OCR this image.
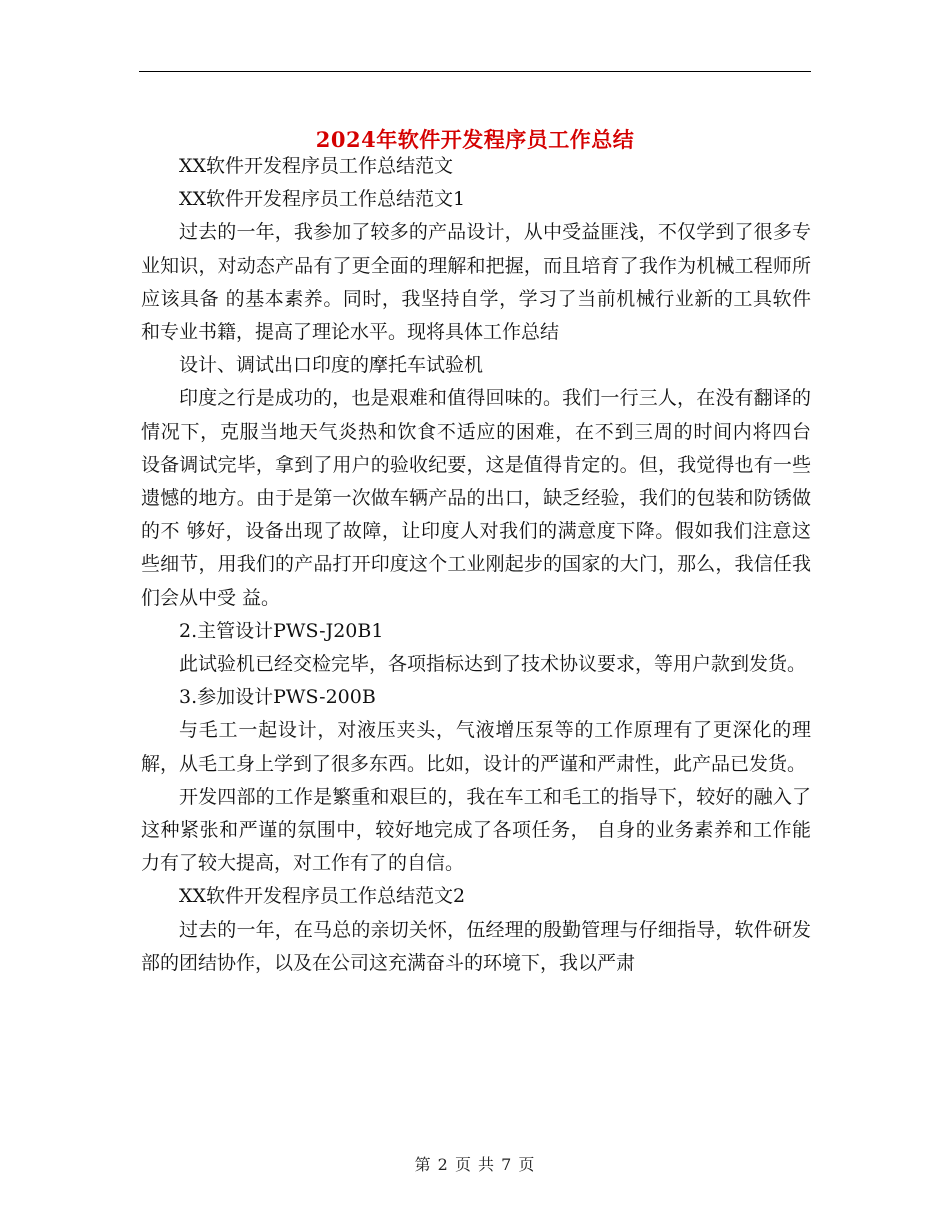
2024年软件开发程序员工作总结

XX软件开发程序员工作总结范文

XX软件开发程序员工作总结范文1

过去的一年，我参加了较多的产品设计，从中受益匪浅，不仅学到了很多专业知识，对动态产品有了更全面的理解和把握，而且培育了我作为机械工程师所应该具备 的基本素养。同时，我坚持自学，学习了当前机械行业新的工具软件和专业书籍，提高了理论水平。现将具体工作总结

设计、调试出口印度的摩托车试验机

印度之行是成功的，也是艰难和值得回味的。我们一行三人，在没有翻译的情况下，克服当地天气炎热和饮食不适应的困难，在不到三周的时间内将四台 设备调试完毕，拿到了用户的验收纪要，这是值得肯定的。但，我觉得也有一些遗憾的地方。由于是第一次做车辆产品的出口，缺乏经验，我们的包装和防锈做的不 够好，设备出现了故障，让印度人对我们的满意度下降。假如我们注意这些细节，用我们的产品打开印度这个工业刚起步的国家的大门，那么，我信任我们会从中受 益。

2.主管设计PWS-J20B1

此试验机已经交检完毕，各项指标达到了技术协议要求，等用户款到发货。

3.参加设计PWS-200B

与毛工一起设计，对液压夹头，气液增压泵等的工作原理有了更深化的理解，从毛工身上学到了很多东西。比如，设计的严谨和严肃性，此产品已发货。

开发四部的工作是繁重和艰巨的，我在车工和毛工的指导下，较好的融入了这种紧张和严谨的氛围中，较好地完成了各项任务， 自身的业务素养和工作能力有了较大提高，对工作有了的自信。

XX软件开发程序员工作总结范文2

过去的一年，在马总的亲切关怀，伍经理的殷勤管理与仔细指导，软件研发部的团结协作，以及在公司这充满奋斗的环境下，我以严肃

第 2 页 共 7 页
